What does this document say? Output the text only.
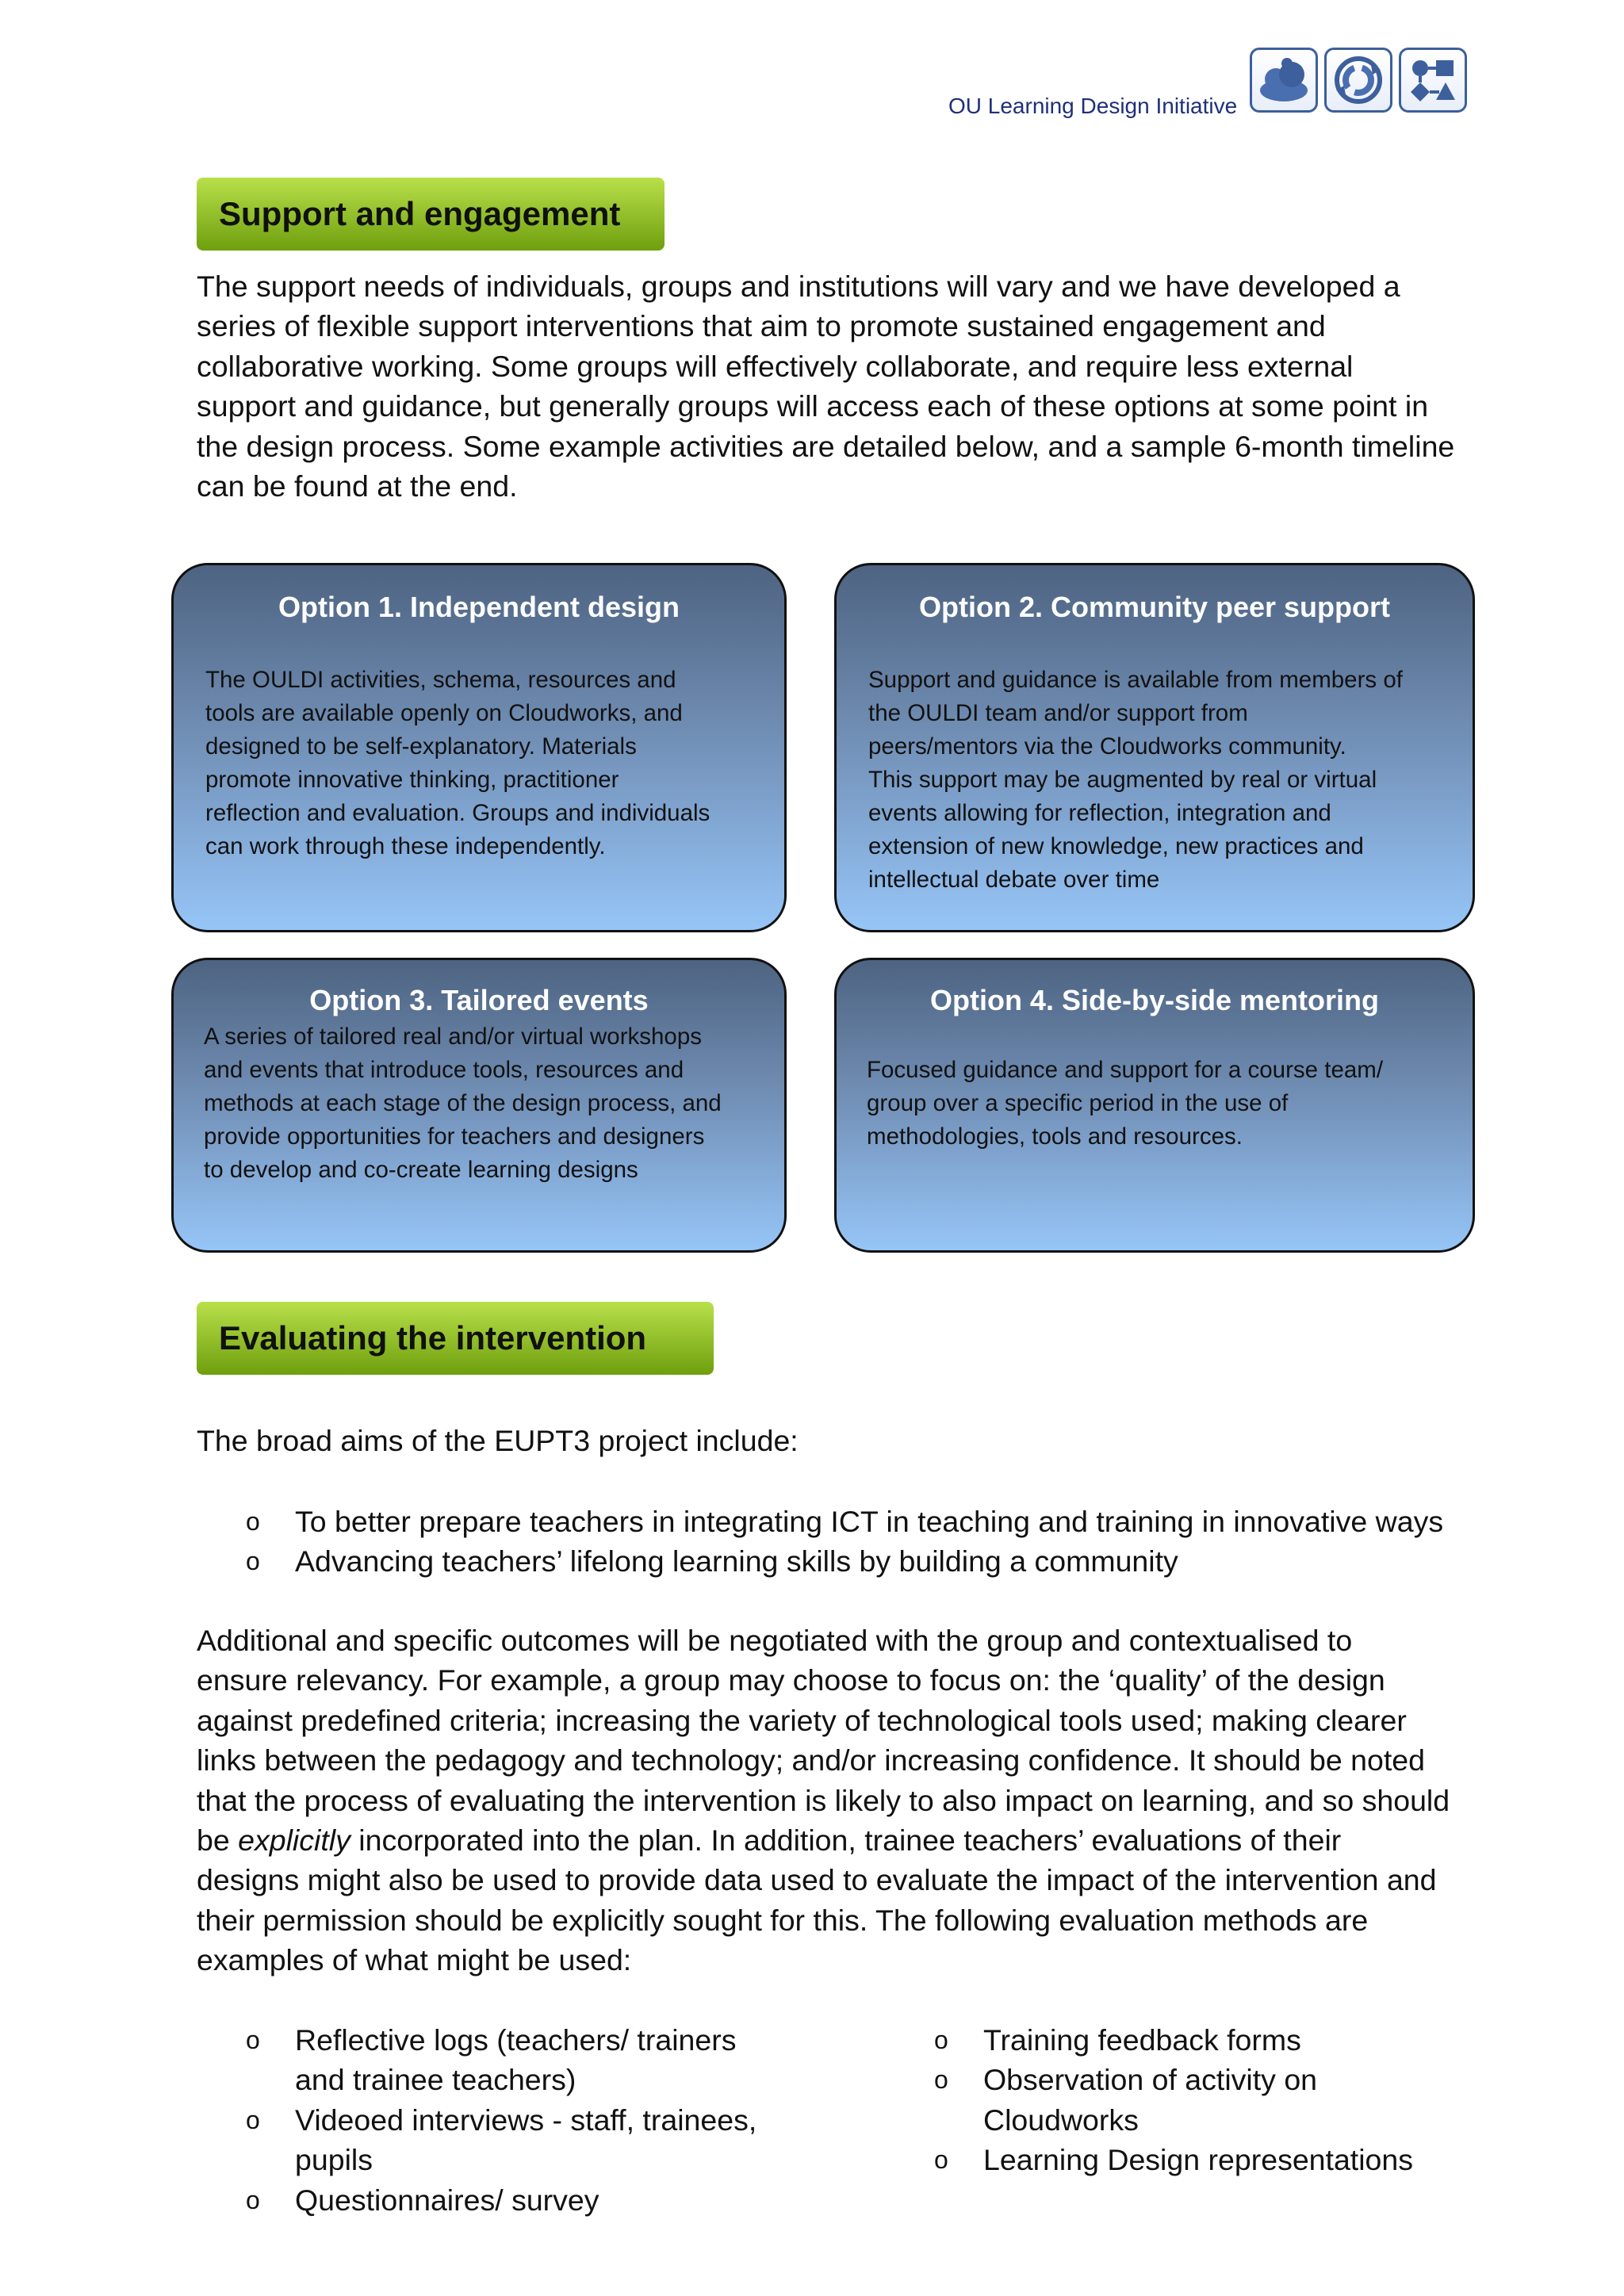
OU Learning Design Initiative
Support and engagement
The support needs of individuals, groups and institutions will vary and we have developed a
series of flexible support interventions that aim to promote sustained engagement and
collaborative working. Some groups will effectively collaborate, and require less external
support and guidance, but generally groups will access each of these options at some point in
the design process. Some example activities are detailed below, and a sample 6-month timeline
can be found at the end.
Option 1. Independent design
The OULDI activities, schema, resources and
tools are available openly on Cloudworks, and
designed to be self-explanatory. Materials
promote innovative thinking, practitioner
reflection and evaluation. Groups and individuals
can work through these independently.
Option 2. Community peer support
Support and guidance is available from members of
the OULDI team and/or support from
peers/mentors via the Cloudworks community.
This support may be augmented by real or virtual
events allowing for reflection, integration and
extension of new knowledge, new practices and
intellectual debate over time
Option 3. Tailored events
A series of tailored real and/or virtual workshops
and events that introduce tools, resources and
methods at each stage of the design process, and
provide opportunities for teachers and designers
to develop and co-create learning designs
Option 4. Side-by-side mentoring
Focused guidance and support for a course team/
group over a specific period in the use of
methodologies, tools and resources.
Evaluating the intervention
The broad aims of the EUPT3 project include:
o To better prepare teachers in integrating ICT in teaching and training in innovative ways
o Advancing teachers’ lifelong learning skills by building a community
Additional and specific outcomes will be negotiated with the group and contextualised to
ensure relevancy. For example, a group may choose to focus on: the ‘quality’ of the design
against predefined criteria; increasing the variety of technological tools used; making clearer
links between the pedagogy and technology; and/or increasing confidence. It should be noted
that the process of evaluating the intervention is likely to also impact on learning, and so should
be explicitly incorporated into the plan. In addition, trainee teachers’ evaluations of their
designs might also be used to provide data used to evaluate the impact of the intervention and
their permission should be explicitly sought for this. The following evaluation methods are
examples of what might be used:
o Reflective logs (teachers/ trainers
and trainee teachers)
o Videoed interviews - staff, trainees,
pupils
o Questionnaires/ survey
o Training feedback forms
o Observation of activity on
Cloudworks
o Learning Design representations
